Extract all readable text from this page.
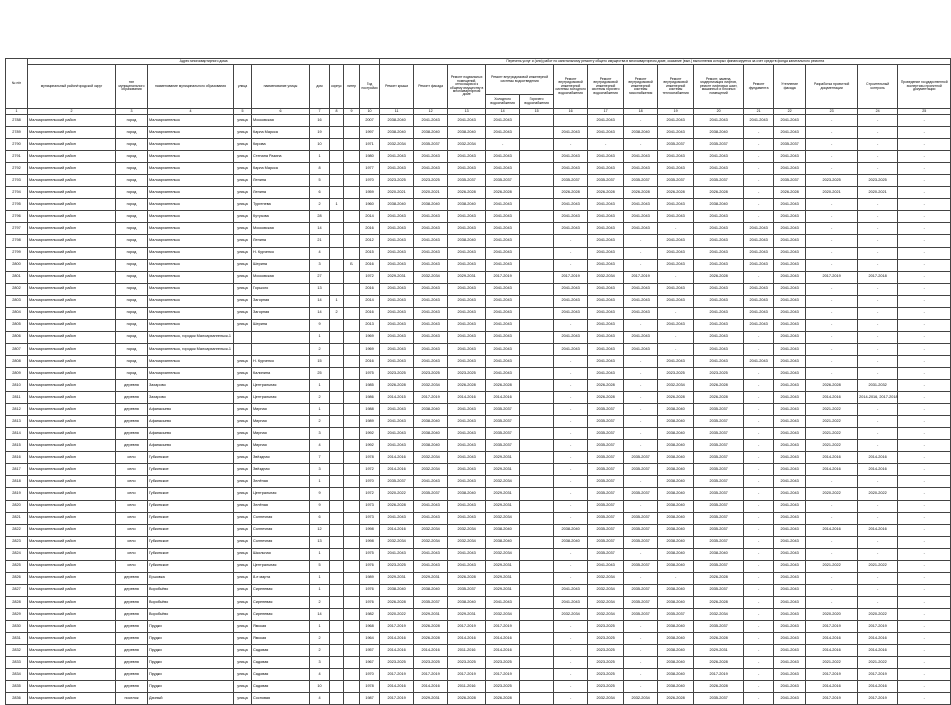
№ п/п	Адрес многоквартирного дома									Перечень услуг и (или) работ по капитальному ремонту общего имущества в многоквартирном доме, оказание (вып.) выполнения которых финансируется за счет средств фонда капитального ремонта														
	муниципальный район/городской округ	тип муниципального образования	наименование муниципального образования	улица	наименование улицы	дом	корпус	литер	Год постройки	Ремонт крыши	Ремонт фасада	Ремонт подвальных помещений, относящихся к общему имуществу в многоквартирном доме	Ремонт внутридомовой инженерной системы водоотведения		Ремонт внутридомовой инженерной системы холодного водоснабжения	Ремонт внутридомовой инженерной системы горячего водоснабжения	Ремонт внутридомовой инженерной системы газоснабжения	Ремонт внутридомовой инженерной системы теплоснабжения	Ремонт, замена, модернизация лифтов, ремонт лифтовых шахт, машинных и блочных помещений	Ремонт фундамента	Утепление фасада	Разработка проектной документации	Строительный контроль	Проведение государственной экспертизы проектной документации
													Холодного водоснабжения	Горячего водоснабжения										
1	2	3	4	5	6	7	8	9	10	11	12	13	14	15	16	17	18	19	20	21	22	23	24	25
2788	Малоархангельский район	город	Малоархангельск	улица	Московская	16			2007	2038-2040	2041-2043	2041-2043	2041-2043			2041-2043	-	2041-2043	2041-2043	2041-2043	2041-2043	-	-	-
2789	Малоархангельский район	город	Малоархангельск	улица	Карла Маркса	19			1997	2038-2040	2038-2040	2038-2040	2041-2043		2041-2043	2041-2043	2038-2040	2041-2043	2038-2040	-	2041-2043	-	-	-
2790	Малоархангельский район	город	Малоархангельск	улица	Кирова	10			1971	2032-2034	2035-2037	2032-2034	-		-	-	-	2035-2037	2035-2037	-	2035-2037	-	-	-
2791	Малоархангельский район	город	Малоархангельск	улица	Степана Разина	1			1980	2041-2043	2041-2043	2041-2043	2041-2043		2041-2043	2041-2043	2041-2043	2041-2043	2041-2043	-	2041-2043	-	-	-
2792	Малоархангельский район	город	Малоархангельск	улица	Карла Маркса	8			1977	2041-2043	2041-2043	2041-2043	2041-2043		2041-2043	2041-2043	2041-2043	2041-2043	2041-2043	-	2041-2043	-	-	-
2793	Малоархангельский район	город	Малоархангельск	улица	Ленина	5			1970	2023-2025	2023-2025	2035-2037	2035-2037		2035-2037	2035-2037	2035-2037	2035-2037	2035-2037	-	2035-2037	2023-2025	2023-2025	-
2794	Малоархангельский район	город	Малоархангельск	улица	Ленина	6			1959	2020-2021	2020-2021	2026-2028	2026-2028		2026-2028	2026-2028	2026-2028	2026-2028	2026-2028	-	2026-2028	2020-2021	2020-2021	-
2795	Малоархангельский район	город	Малоархангельск	улица	Тургенева	2	1		1960	2038-2040	2038-2040	2038-2040	2041-2043		2041-2043	2041-2043	2041-2043	2041-2043	2038-2040	-	2041-2043	-	-	-
2796	Малоархангельский район	город	Малоархангельск	улица	Кутузова	28			2014	2041-2043	2041-2043	2041-2043	2041-2043		2041-2043	2041-2043	2041-2043	2041-2043	2041-2043	-	2041-2043	-	-	-
2797	Малоархангельский район	город	Малоархангельск	улица	Московская	14			2016	2041-2043	2041-2043	2041-2043	2041-2043		2041-2043	2041-2043	2041-2043	-	2041-2043	2041-2043	2041-2043	-	-	-
2798	Малоархангельский район	город	Малоархангельск	улица	Ленина	21			2012	2041-2043	2041-2043	2038-2040	2041-2043		-	2041-2043	-	2041-2043	2041-2043	2041-2043	2041-2043	-	-	-
2799	Малоархангельский район	город	Малоархангельск	улица	Н. Курченко	4			2015	2041-2043	2041-2043	2041-2043	2041-2043		-	2041-2043	-	2041-2043	2041-2043	2041-2043	2041-2043	-	-	-
2800	Малоархангельский район	город	Малоархангельск	улица	Шерина	3		Б	2016	2041-2043	2041-2043	2041-2043	2041-2043		-	2041-2043	-	2041-2043	2041-2043	2041-2043	2041-2043	-	-	-
2801	Малоархангельский район	город	Малоархангельск	улица	Московская	27			1972	2029-2031	2032-2034	2029-2031	2017-2019		2017-2019	2032-2034	2017-2019	-	2026-2028	-	2041-2043	2017-2019	2017-2018	-
2802	Малоархангельский район	город	Малоархангельск	улица	Горького	13			2016	2041-2043	2041-2043	2041-2043	2041-2043		2041-2043	2041-2043	2041-2043	2041-2043	2041-2043	2041-2043	2041-2043	-	-	-
2803	Малоархангельский район	город	Малоархангельск	улица	Загорная	14	1		2014	2041-2043	2041-2043	2041-2043	2041-2043		2041-2043	2041-2043	2041-2043	2041-2043	2041-2043	2041-2043	2041-2043	-	-	-
2804	Малоархангельский район	город	Малоархангельск	улица	Загорная	14	2		2016	2041-2043	2041-2043	2041-2043	2041-2043		2041-2043	2041-2043	2041-2043	-	2041-2043	2041-2043	2041-2043	-	-	-
2805	Малоархангельский район	город	Малоархангельск	улица	Шерина	9			2013	2041-2043	2041-2043	2041-2043	2041-2043		-	2041-2043	-	2041-2043	2041-2043	2041-2043	2041-2043	-	-	-
2806	Малоархангельский район	город	Малоархангельск, городок Малоархангельск-1			1			1969	2041-2043	2041-2043	2041-2043	2041-2043		2041-2043	2041-2043	2041-2043	-	2041-2043	-	2041-2043	-	-	-
2807	Малоархангельский район	город	Малоархангельск, городок Малоархангельск-1			2			1969	2041-2043	2041-2043	2041-2043	2041-2043		2041-2043	2041-2043	2041-2043	-	2041-2043	-	2041-2043	-	-	-
2808	Малоархангельский район	город	Малоархангельск	улица	Н. Курченко	15			2016	2041-2043	2041-2043	2041-2043	2041-2043		-	2041-2043	-	2041-2043	2041-2043	2041-2043	2041-2043	-	-	-
2809	Малоархангельский район	город	Малоархангельск	улица	Калинина	25			1975	2023-2025	2023-2025	2023-2025	2041-2043		-	2041-2043	-	2023-2025	2023-2025	-	2041-2043	-	-	-
2810	Малоархангельский район	деревня	Захарово	улица	Центральная	1			1985	2026-2028	2032-2034	2026-2028	2026-2028		-	2026-2028	-	2032-2034	2026-2028	-	2041-2043	2026-2028	2031-2032	-
2811	Малоархангельский район	деревня	Захарово	улица	Центральная	2			1986	2014-2015	2017-2019	2014-2016	2014-2016		-	2026-2028	-	2026-2028	2026-2028	-	2041-2043	2014-2016	2014-2016, 2017-2018	-
2812	Малоархангельский район	деревня	Афанасьево	улица	Мирная	1			1988	2041-2043	2038-2040	2041-2043	2035-2037		-	2035-2037	-	2038-2040	2035-2037	-	2041-2043	2021-2022	-	-
2813	Малоархангельский район	деревня	Афанасьево	улица	Мирная	2			1989	2041-2043	2038-2040	2041-2043	2035-2037		-	2035-2037	-	2038-2040	2035-2037	-	2041-2043	2021-2022	-	-
2814	Малоархангельский район	деревня	Афанасьево	улица	Мирная	3			1992	2041-2043	2038-2040	2041-2043	2035-2037		-	2035-2037	-	2038-2040	2035-2037	-	2041-2043	2021-2022	-	-
2815	Малоархангельский район	деревня	Афанасьево	улица	Мирная	4			1992	2041-2043	2038-2040	2041-2043	2035-2037		-	2035-2037	-	2038-2040	2035-2037	-	2041-2043	2021-2022	-	-
2816	Малоархангельский район	село	Губкинское	улица	Звёздная	7			1978	2014-2016	2032-2034	2041-2043	2029-2031		-	2035-2037	2035-2037	2038-2040	2035-2037	-	2041-2043	2014-2016	2014-2016	-
2817	Малоархангельский район	село	Губкинское	улица	Звёздная	3			1972	2014-2016	2032-2034	2041-2043	2029-2031		-	2035-2037	2035-2037	2038-2040	2035-2037	-	2041-2043	2014-2016	2014-2016	-
2818	Малоархангельский район	село	Губкинское	улица	Зелёная	1			1970	2035-2037	2041-2043	2041-2043	2032-2034		-	2035-2037	-	2038-2040	2035-2037	-	2041-2043	-	-	-
2819	Малоархангельский район	село	Губкинское	улица	Центральная	9			1972	2020-2022	2035-2037	2038-2040	2029-2031		-	2035-2037	2035-2037	2038-2040	2035-2037	-	2041-2043	2020-2022	2020-2022	-
2820	Малоархангельский район	село	Губкинское	улица	Зелёная	9			1973	2026-2028	2041-2043	2041-2043	2029-2031		-	2035-2037	-	2038-2040	2035-2037	-	2041-2043	-	-	-
2821	Малоархангельский район	село	Губкинское	улица	Солнечная	6			1973	2041-2043	2041-2043	2041-2043	2032-2034		-	2035-2037	2035-2037	2038-2040	2035-2037	-	2041-2043	-	-	-
2822	Малоархангельский район	село	Губкинское	улица	Солнечная	12			1998	2014-2016	2032-2034	2032-2034	2038-2040		2038-2040	2035-2037	2035-2037	2038-2040	2035-2037	-	2041-2043	2014-2016	2014-2016	-
2823	Малоархангельский район	село	Губкинское	улица	Солнечная	13			1998	2032-2034	2032-2034	2032-2034	2038-2040		2038-2040	2035-2037	2035-2037	2038-2040	2035-2037	-	2041-2043	-	-	-
2824	Малоархангельский район	село	Губкинское	улица	Школьная	1			1975	2041-2043	2041-2043	2041-2043	2032-2034		-	2035-2037	-	2038-2040	2038-2040	-	2041-2043	-	-	-
2825	Малоархангельский район	село	Губкинское	улица	Центральная	5			1976	2023-2025	2041-2043	2041-2043	2029-2031		-	2041-2043	2035-2037	2038-2040	2035-2037	-	2041-2043	2021-2022	2021-2022	-
2826	Малоархангельский район	деревня	Ершовка	улица	8-е марта	1			1989	2029-2031	2029-2031	2026-2028	2029-2031		-	2032-2034	-	-	2026-2028	-	2041-2043	-	-	-
2827	Малоархангельский район	деревня	Воробьёво	улица	Сиреневая	1			1976	2038-2040	2038-2040	2035-2037	2029-2031		2041-2043	2032-2034	2035-2037	2038-2040	2035-2037	-	2041-2043	-	-	-
2828	Малоархангельский район	деревня	Воробьёво	улица	Сиреневая	2			1976	2026-2028	2035-2037	2038-2040	2041-2043		2041-2043	2032-2034	2035-2037	2038-2040	2026-2028	-	2041-2043	-	-	-
2829	Малоархангельский район	деревня	Воробьёво	улица	Сиреневая	14			1982	2020-2022	2029-2031	2029-2031	2032-2034		2032-2034	2032-2034	2035-2037	2035-2037	2032-2034	-	2041-2043	2020-2020	2020-2022	-
2830	Малоархангельский район	деревня	Прудки	улица	Ямская	1			1968	2017-2019	2026-2028	2017-2019	2017-2019		-	2023-2025	-	2038-2040	2035-2037	-	2041-2043	2017-2019	2017-2019	-
2831	Малоархангельский район	деревня	Прудки	улица	Ямская	2			1964	2014-2016	2026-2028	2014-2016	2014-2016		-	2023-2025	-	2038-2040	2026-2028	-	2041-2043	2014-2016	2014-2016	-
2832	Малоархангельский район	деревня	Прудки	улица	Садовая	2			1957	2014-2016	2014-2016	2011-2016	2014-2016		-	2023-2025	-	2038-2040	2029-2031	-	2041-2043	2014-2016	2014-2016	-
2833	Малоархангельский район	деревня	Прудки	улица	Садовая	3			1967	2023-2025	2023-2025	2023-2025	2023-2025		-	2023-2025	-	2038-2040	2026-2028	-	2041-2043	2021-2022	2021-2022	-
2834	Малоархангельский район	деревня	Прудки	улица	Садовая	4			1970	2017-2019	2017-2019	2017-2019	2017-2019		-	2023-2025	-	2038-2040	2017-2019	-	2041-2043	2017-2019	2017-2019	-
2835	Малоархангельский район	деревня	Прудки	улица	Садовая	10			1978	2014-2016	2014-2016	2011-2016	2023-2025		-	2023-2025	-	2038-2040	2026-2028	-	2041-2043	2014-2016	2014-2016	-
2836	Малоархангельский район	поселок	Дачный	улица	Сосновая	4			1987	2017-2019	2029-2031	2026-2028	2026-2028		-	2032-2034	2032-2034	2026-2028	2035-2037	-	2041-2043	2017-2019	2017-2019	-
